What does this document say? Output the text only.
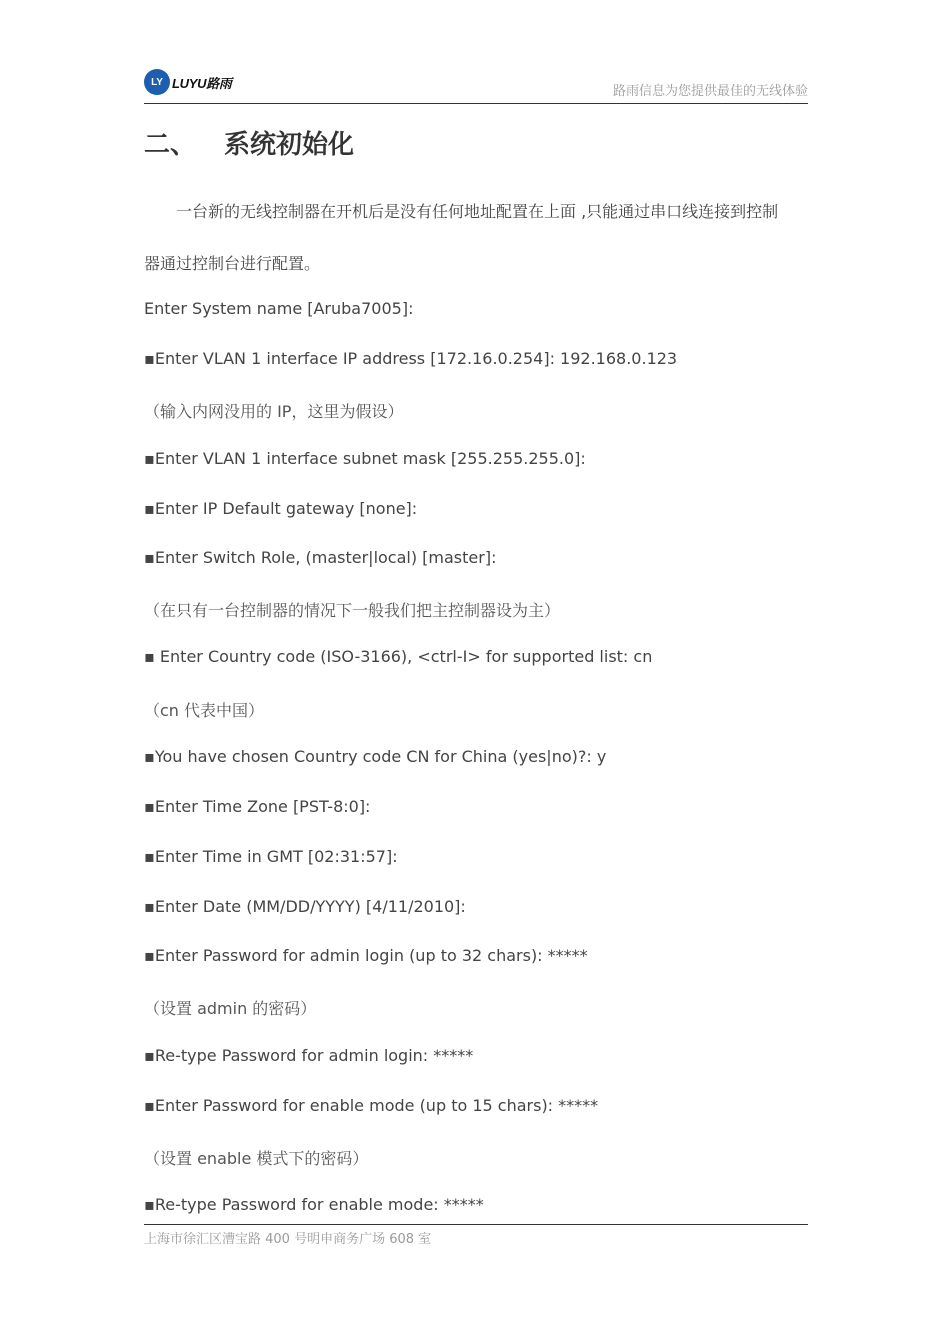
LY LUYU路雨
路雨信息为您提供最佳的无线体验
二、 系统初始化
一台新的无线控制器在开机后是没有任何地址配置在上面 ,只能通过串口线连接到控制
器通过控制台进行配置。
Enter System name [Aruba7005]:
▪Enter VLAN 1 interface IP address [172.16.0.254]: 192.168.0.123
（输入内网没用的 IP，这里为假设）
▪Enter VLAN 1 interface subnet mask [255.255.255.0]:
▪Enter IP Default gateway [none]:
▪Enter Switch Role, (master|local) [master]:
（在只有一台控制器的情况下一般我们把主控制器设为主）
▪ Enter Country code (ISO-3166), <ctrl-I> for supported list: cn
（cn 代表中国）
▪You have chosen Country code CN for China (yes|no)?: y
▪Enter Time Zone [PST-8:0]:
▪Enter Time in GMT [02:31:57]:
▪Enter Date (MM/DD/YYYY) [4/11/2010]:
▪Enter Password for admin login (up to 32 chars): *****
（设置 admin 的密码）
▪Re-type Password for admin login: *****
▪Enter Password for enable mode (up to 15 chars): *****
（设置 enable 模式下的密码）
▪Re-type Password for enable mode: *****
上海市徐汇区漕宝路 400 号明申商务广场 608 室
